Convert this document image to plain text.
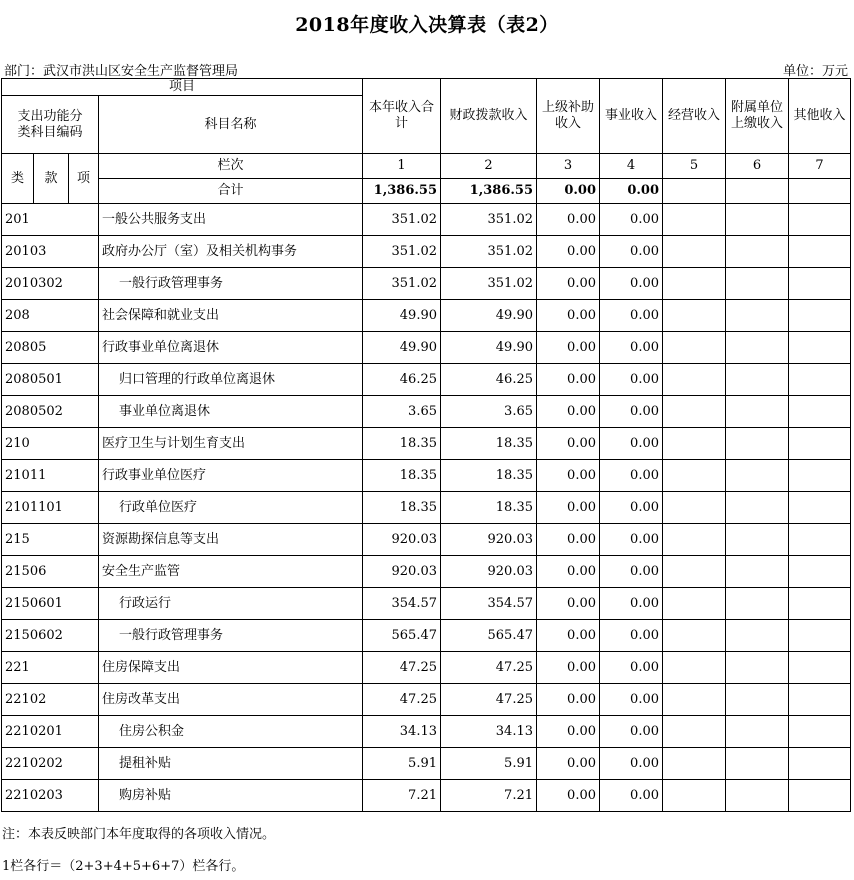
2018年度收入决算表（表2）
部门：武汉市洪山区安全生产监督管理局	单位：万元
项目				本年收入合计	财政拨款收入	上级补助收入	事业收入	经营收入	附属单位上缴收入	其他收入
支出功能分类科目编码			科目名称							
类	款	项	栏次	1	2	3	4	5	6	7
			合计	1,386.55	1,386.55	0.00	0.00			
201			一般公共服务支出	351.02	351.02	0.00	0.00			
20103			政府办公厅（室）及相关机构事务	351.02	351.02	0.00	0.00			
2010302			一般行政管理事务	351.02	351.02	0.00	0.00			
208			社会保障和就业支出	49.90	49.90	0.00	0.00			
20805			行政事业单位离退休	49.90	49.90	0.00	0.00			
2080501			归口管理的行政单位离退休	46.25	46.25	0.00	0.00			
2080502			事业单位离退休	3.65	3.65	0.00	0.00			
210			医疗卫生与计划生育支出	18.35	18.35	0.00	0.00			
21011			行政事业单位医疗	18.35	18.35	0.00	0.00			
2101101			行政单位医疗	18.35	18.35	0.00	0.00			
215			资源勘探信息等支出	920.03	920.03	0.00	0.00			
21506			安全生产监管	920.03	920.03	0.00	0.00			
2150601			行政运行	354.57	354.57	0.00	0.00			
2150602			一般行政管理事务	565.47	565.47	0.00	0.00			
221			住房保障支出	47.25	47.25	0.00	0.00			
22102			住房改革支出	47.25	47.25	0.00	0.00			
2210201			住房公积金	34.13	34.13	0.00	0.00			
2210202			提租补贴	5.91	5.91	0.00	0.00			
2210203			购房补贴	7.21	7.21	0.00	0.00			
注：本表反映部门本年度取得的各项收入情况。
1栏各行＝（2+3+4+5+6+7）栏各行。
